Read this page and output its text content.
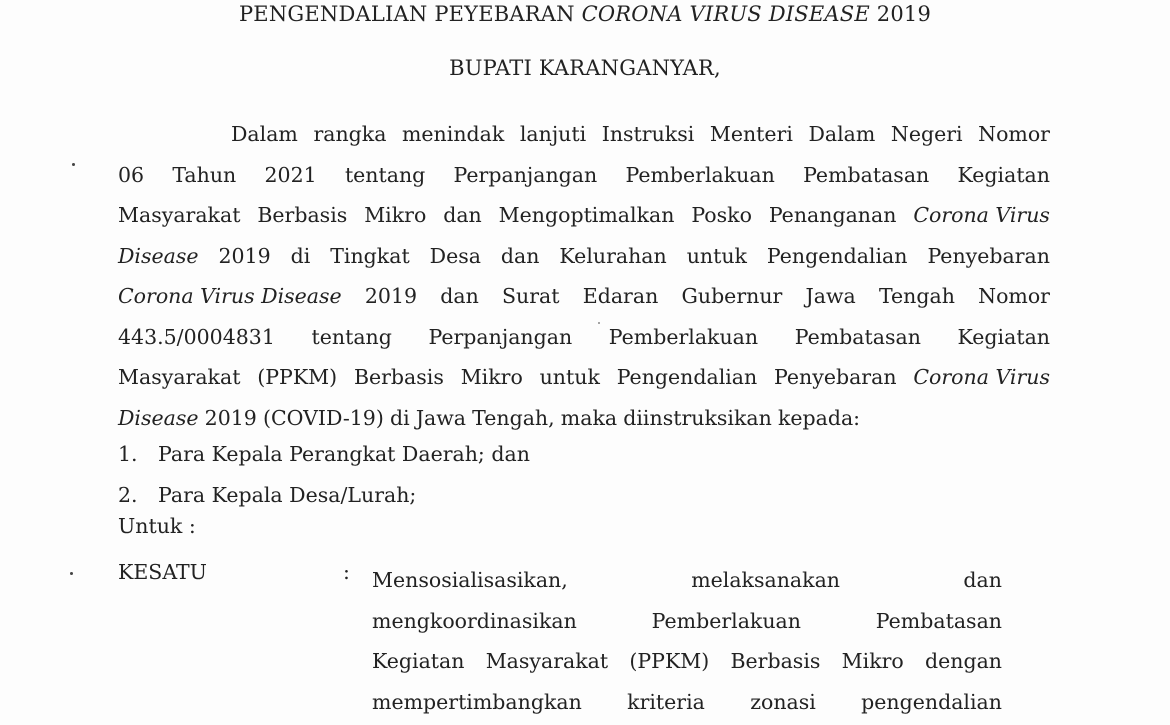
PENGENDALIAN PEYEBARAN CORONA VIRUS DISEASE 2019
BUPATI KARANGANYAR,
Dalam rangka menindak lanjuti Instruksi Menteri Dalam Negeri Nomor
06 Tahun 2021 tentang Perpanjangan Pemberlakuan Pembatasan Kegiatan
Masyarakat Berbasis Mikro dan Mengoptimalkan Posko Penanganan Corona Virus
Disease 2019 di Tingkat Desa dan Kelurahan untuk Pengendalian Penyebaran
Corona Virus Disease 2019 dan Surat Edaran Gubernur Jawa Tengah Nomor
443.5/0004831 tentang Perpanjangan Pemberlakuan Pembatasan Kegiatan
Masyarakat (PPKM) Berbasis Mikro untuk Pengendalian Penyebaran Corona Virus
Disease 2019 (COVID-19) di Jawa Tengah, maka diinstruksikan kepada:
1. Para Kepala Perangkat Daerah; dan
2. Para Kepala Desa/Lurah;
Untuk :
KESATU	: Mensosialisasikan,	melaksanakan	dan
mengkoordinasikan	Pemberlakuan	Pembatasan
Kegiatan Masyarakat (PPKM) Berbasis Mikro dengan
mempertimbangkan kriteria zonasi pengendalian
